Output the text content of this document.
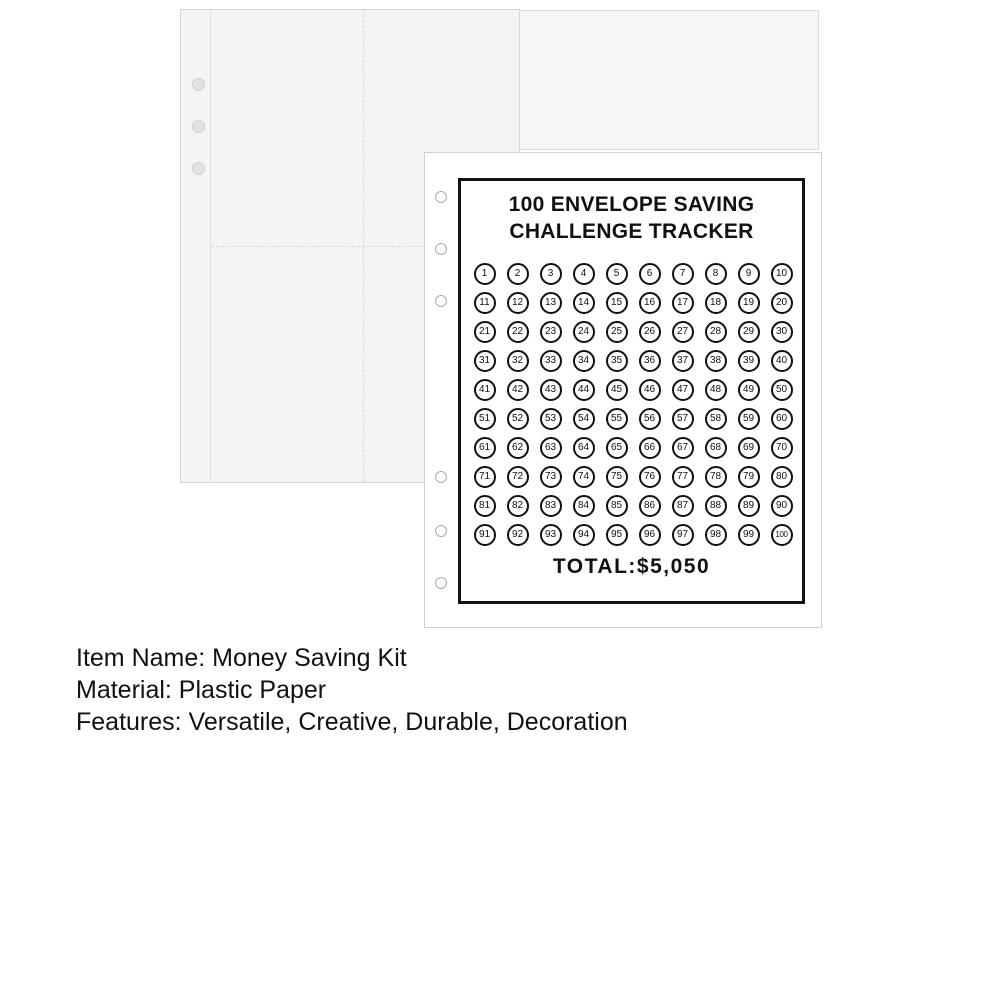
100 ENVELOPE SAVING
CHALLENGE TRACKER
1	2	3	4	5	6	7	8	9	10
11	12	13	14	15	16	17	18	19	20
21	22	23	24	25	26	27	28	29	30
31	32	33	34	35	36	37	38	39	40
41	42	43	44	45	46	47	48	49	50
51	52	53	54	55	56	57	58	59	60
61	62	63	64	65	66	67	68	69	70
71	72	73	74	75	76	77	78	79	80
81	82	83	84	85	86	87	88	89	90
91	92	93	94	95	96	97	98	99	100
TOTAL:$5,050
Item Name: Money Saving Kit
Material: Plastic Paper
Features: Versatile, Creative, Durable, Decoration
